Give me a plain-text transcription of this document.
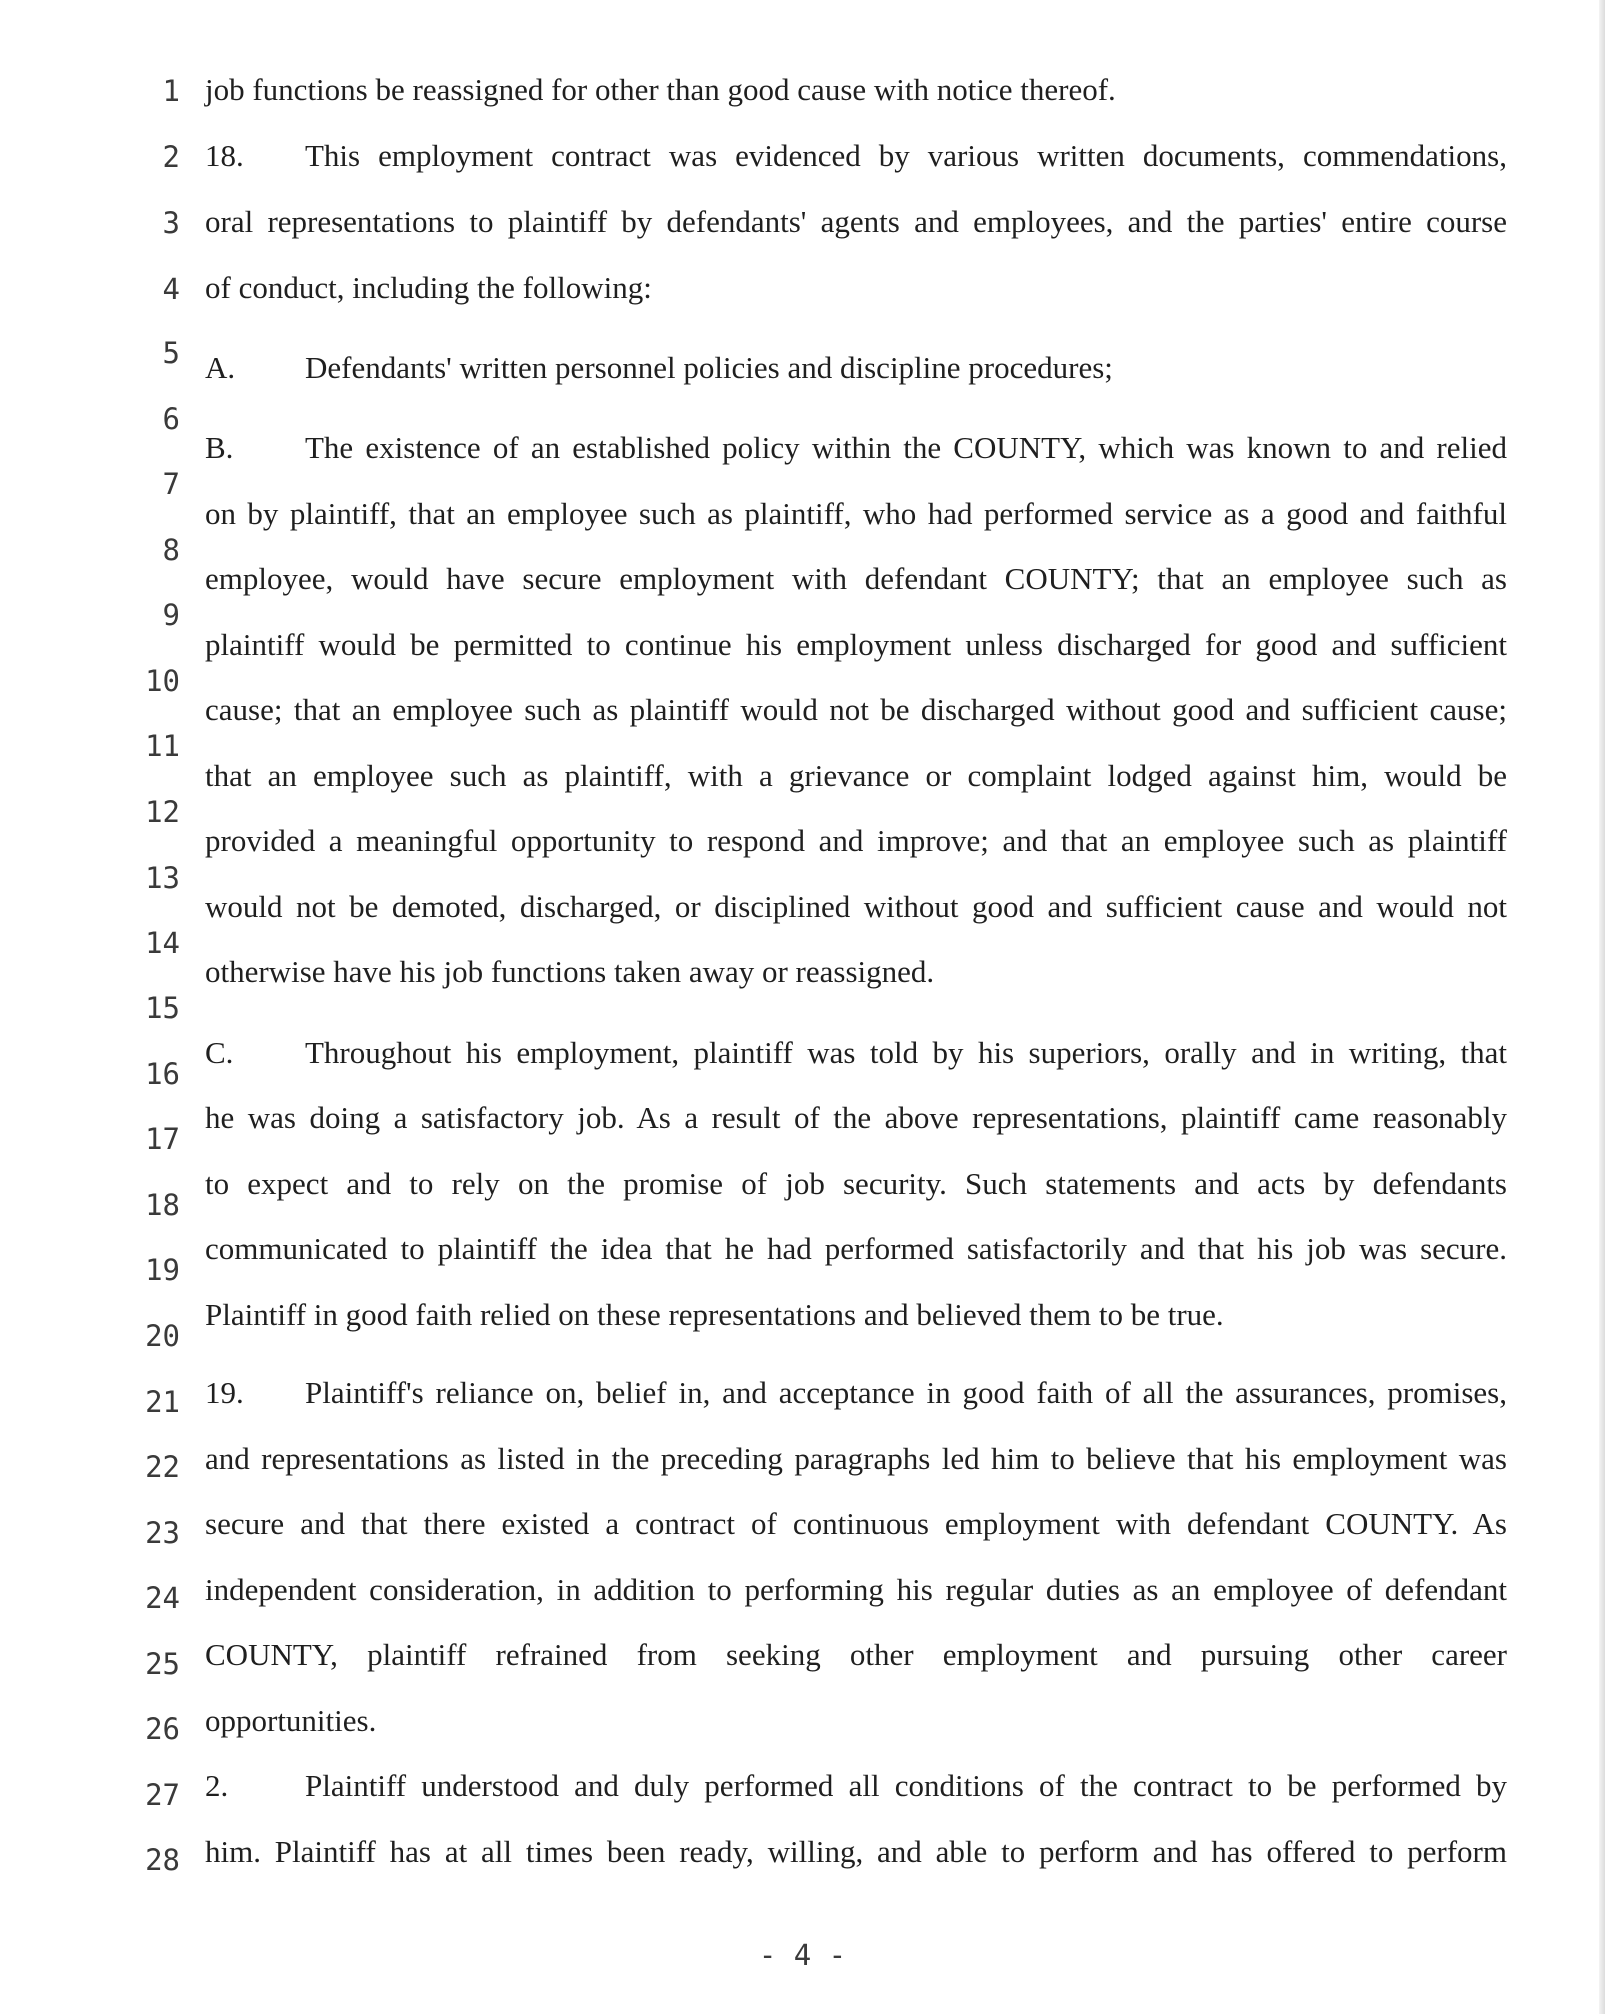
1
2
3
4
5
6
7
8
9
10
11
12
13
14
15
16
17
18
19
20
21
22
23
24
25
26
27
28
job functions be reassigned for other than good cause with notice thereof.
18. This employment contract was evidenced by various written documents, commendations,
oral representations to plaintiff by defendants' agents and employees, and the parties' entire course
of conduct, including the following:
A. Defendants' written personnel policies and discipline procedures;
B. The existence of an established policy within the COUNTY, which was known to and relied
on by plaintiff, that an employee such as plaintiff, who had performed service as a good and faithful
employee, would have secure employment with defendant COUNTY; that an employee such as
plaintiff would be permitted to continue his employment unless discharged for good and sufficient
cause; that an employee such as plaintiff would not be discharged without good and sufficient cause;
that an employee such as plaintiff, with a grievance or complaint lodged against him, would be
provided a meaningful opportunity to respond and improve; and that an employee such as plaintiff
would not be demoted, discharged, or disciplined without good and sufficient cause and would not
otherwise have his job functions taken away or reassigned.
C. Throughout his employment, plaintiff was told by his superiors, orally and in writing, that
he was doing a satisfactory job. As a result of the above representations, plaintiff came reasonably
to expect and to rely on the promise of job security. Such statements and acts by defendants
communicated to plaintiff the idea that he had performed satisfactorily and that his job was secure.
Plaintiff in good faith relied on these representations and believed them to be true.
19. Plaintiff's reliance on, belief in, and acceptance in good faith of all the assurances, promises,
and representations as listed in the preceding paragraphs led him to believe that his employment was
secure and that there existed a contract of continuous employment with defendant COUNTY. As
independent consideration, in addition to performing his regular duties as an employee of defendant
COUNTY, plaintiff refrained from seeking other employment and pursuing other career
opportunities.
2. Plaintiff understood and duly performed all conditions of the contract to be performed by
him. Plaintiff has at all times been ready, willing, and able to perform and has offered to perform
- 4 -
